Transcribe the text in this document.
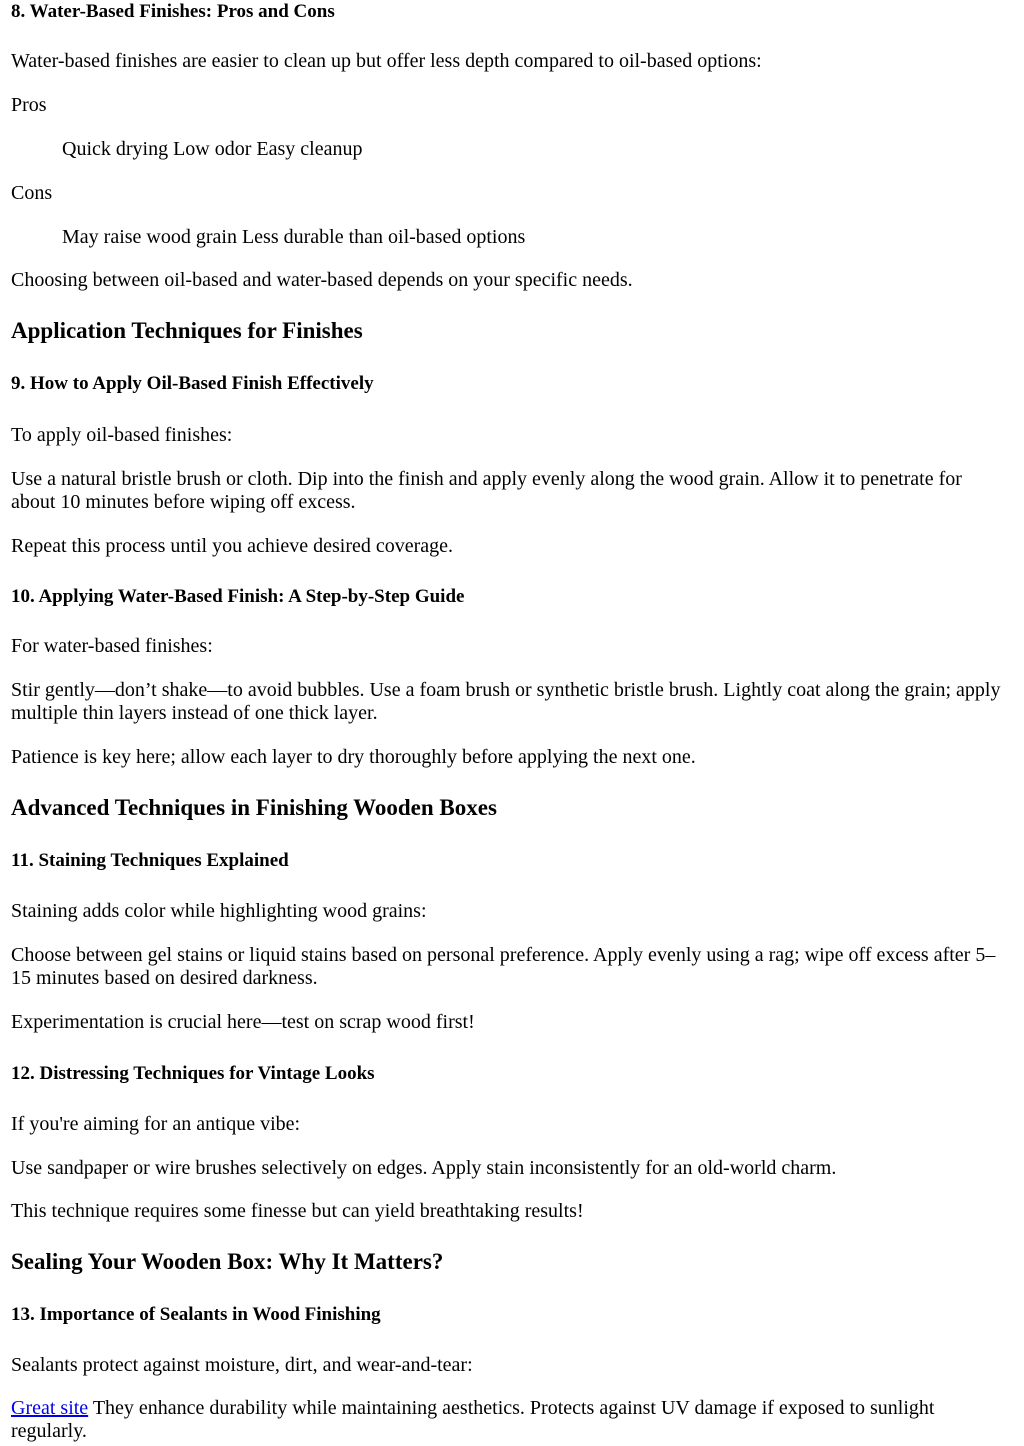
8. Water-Based Finishes: Pros and Cons

Water-based finishes are easier to clean up but offer less depth compared to oil-based options:

Pros

Quick drying Low odor Easy cleanup

Cons

May raise wood grain Less durable than oil-based options

Choosing between oil-based and water-based depends on your specific needs.

Application Techniques for Finishes
9. How to Apply Oil-Based Finish Effectively

To apply oil-based finishes:

Use a natural bristle brush or cloth. Dip into the finish and apply evenly along the wood grain. Allow it to penetrate for about 10 minutes before wiping off excess.

Repeat this process until you achieve desired coverage.

10. Applying Water-Based Finish: A Step-by-Step Guide

For water-based finishes:

Stir gently—don’t shake—to avoid bubbles. Use a foam brush or synthetic bristle brush. Lightly coat along the grain; apply multiple thin layers instead of one thick layer.

Patience is key here; allow each layer to dry thoroughly before applying the next one.

Advanced Techniques in Finishing Wooden Boxes
11. Staining Techniques Explained

Staining adds color while highlighting wood grains:

Choose between gel stains or liquid stains based on personal preference. Apply evenly using a rag; wipe off excess after 5–15 minutes based on desired darkness.

Experimentation is crucial here—test on scrap wood first!

12. Distressing Techniques for Vintage Looks

If you're aiming for an antique vibe:

Use sandpaper or wire brushes selectively on edges. Apply stain inconsistently for an old-world charm.

This technique requires some finesse but can yield breathtaking results!

Sealing Your Wooden Box: Why It Matters?
13. Importance of Sealants in Wood Finishing

Sealants protect against moisture, dirt, and wear-and-tear:

Great site They enhance durability while maintaining aesthetics. Protects against UV damage if exposed to sunlight regularly.
